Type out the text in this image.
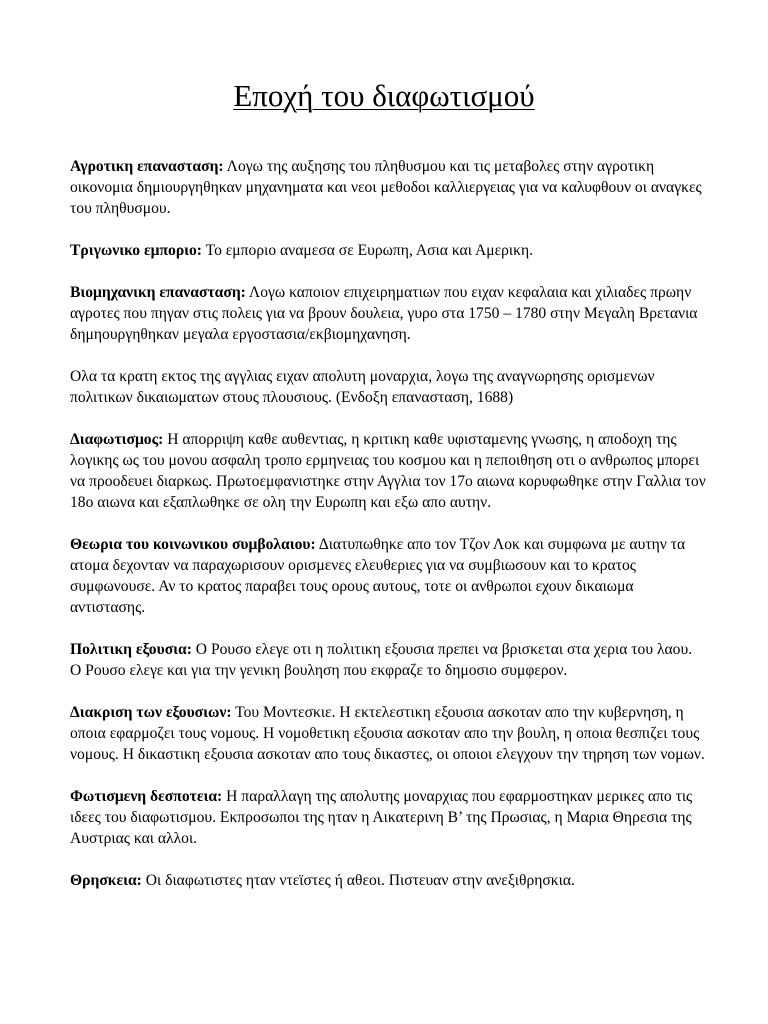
Εποχή του διαφωτισμού

Αγροτικη επανασταση: Λογω της αυξησης του πληθυσμου και τις μεταβολες στην αγροτικη οικονομια δημιουργηθηκαν μηχανηματα και νεοι μεθοδοι καλλιεργειας για να καλυφθουν οι αναγκες του πληθυσμου.

Τριγωνικο εμποριο: Το εμποριο αναμεσα σε Ευρωπη, Ασια και Αμερικη.

Βιομηχανικη επανασταση: Λογω καποιον επιχειρηματιων που ειχαν κεφαλαια και χιλιαδες πρωην αγροτες που πηγαν στις πολεις για να βρουν δουλεια, γυρο στα 1750 – 1780 στην Μεγαλη Βρετανια δημηουργηθηκαν μεγαλα εργοστασια/εκβιομηχανηση.

Ολα τα κρατη εκτος της αγγλιας ειχαν απολυτη μοναρχια, λογω της αναγνωρησης ορισμενων πολιτικων δικαιωματων στους πλουσιους. (Ενδοξη επανασταση, 1688)

Διαφωτισμος: Η απορριψη καθε αυθεντιας, η κριτικη καθε υφισταμενης γνωσης, η αποδοχη της λογικης ως του μονου ασφαλη τροπο ερμηνειας του κοσμου και η πεποιθηση οτι ο ανθρωπος μπορει να προοδευει διαρκως. Πρωτοεμφανιστηκε στην Αγγλια τον 17ο αιωνα κορυφωθηκε στην Γαλλια τον 18ο αιωνα και εξαπλωθηκε σε ολη την Ευρωπη και εξω απο αυτην.

Θεωρια του κοινωνικου συμβολαιου: Διατυπωθηκε απο τον Τζον Λοκ και συμφωνα με αυτην τα ατομα δεχονταν να παραχωρισουν ορισμενες ελευθεριες για να συμβιωσουν και το κρατος συμφωνουσε. Αν το κρατος παραβει τους ορους αυτους, τοτε οι ανθρωποι εχουν δικαιωμα αντιστασης.

Πολιτικη εξουσια: Ο Ρουσο ελεγε οτι η πολιτικη εξουσια πρεπει να βρισκεται στα χερια του λαου. Ο Ρουσο ελεγε και για την γενικη βουληση που εκφραζε το δημοσιο συμφερον.

Διακριση των εξουσιων: Του Μοντεσκιε. Η εκτελεστικη εξουσια ασκοταν απο την κυβερνηση, η οποια εφαρμοζει τους νομους. Η νομοθετικη εξουσια ασκοταν απο την βουλη, η οποια θεσπιζει τους νομους. Η δικαστικη εξουσια ασκοταν απο τους δικαστες, οι οποιοι ελεγχουν την τηρηση των νομων.

Φωτισμενη δεσποτεια: Η παραλλαγη της απολυτης μοναρχιας που εφαρμοστηκαν μερικες απο τις ιδεες του διαφωτισμου. Εκπροσωποι της ηταν η Αικατερινη Β’ της Πρωσιας, η Μαρια Θηρεσια της Αυστριας και αλλοι.

Θρησκεια: Οι διαφωτιστες ηταν ντεϊστες ή αθεοι. Πιστευαν στην ανεξιθρησκια.
